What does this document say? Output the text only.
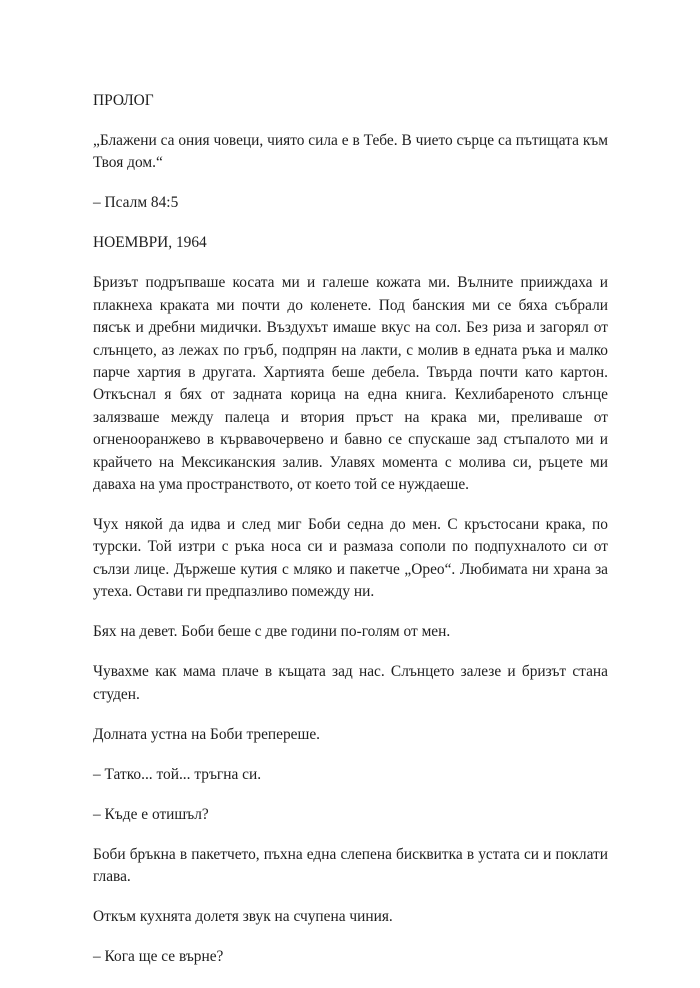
ПРОЛОГ

„Блажени са ония човеци, чиято сила е в Тебе. В чието сърце са пътищата към Твоя дом.“

– Псалм 84:5

НОЕМВРИ, 1964

Бризът подръпваше косата ми и галеше кожата ми. Вълните прииждаха и плакнеха краката ми почти до коленете. Под банския ми се бяха събрали пясък и дребни мидички. Въздухът имаше вкус на сол. Без риза и загорял от слънцето, аз лежах по гръб, подпрян на лакти, с молив в едната ръка и малко парче хартия в другата. Хартията беше дебела. Твърда почти като картон. Откъснал я бях от задната корица на една книга. Кехлибареното слънце залязваше между палеца и втория пръст на крака ми, преливаше от огненооранжево в кървавочервено и бавно се спускаше зад стъпалото ми и крайчето на Мексиканския залив. Улавях момента с молива си, ръцете ми даваха на ума пространството, от което той се нуждаеше.

Чух някой да идва и след миг Боби седна до мен. С кръстосани крака, по турски. Той изтри с ръка носа си и размаза сополи по подпухналото си от сълзи лице. Държеше кутия с мляко и пакетче „Орео“. Любимата ни храна за утеха. Остави ги предпазливо помежду ни.

Бях на девет. Боби беше с две години по-голям от мен.

Чувахме как мама плаче в къщата зад нас. Слънцето залезе и бризът стана студен.

Долната устна на Боби трепереше.

– Татко... той... тръгна си.

– Къде е отишъл?

Боби бръкна в пакетчето, пъхна една слепена бисквитка в устата си и поклати глава.

Откъм кухнята долетя звук на счупена чиния.

– Кога ще се върне?
